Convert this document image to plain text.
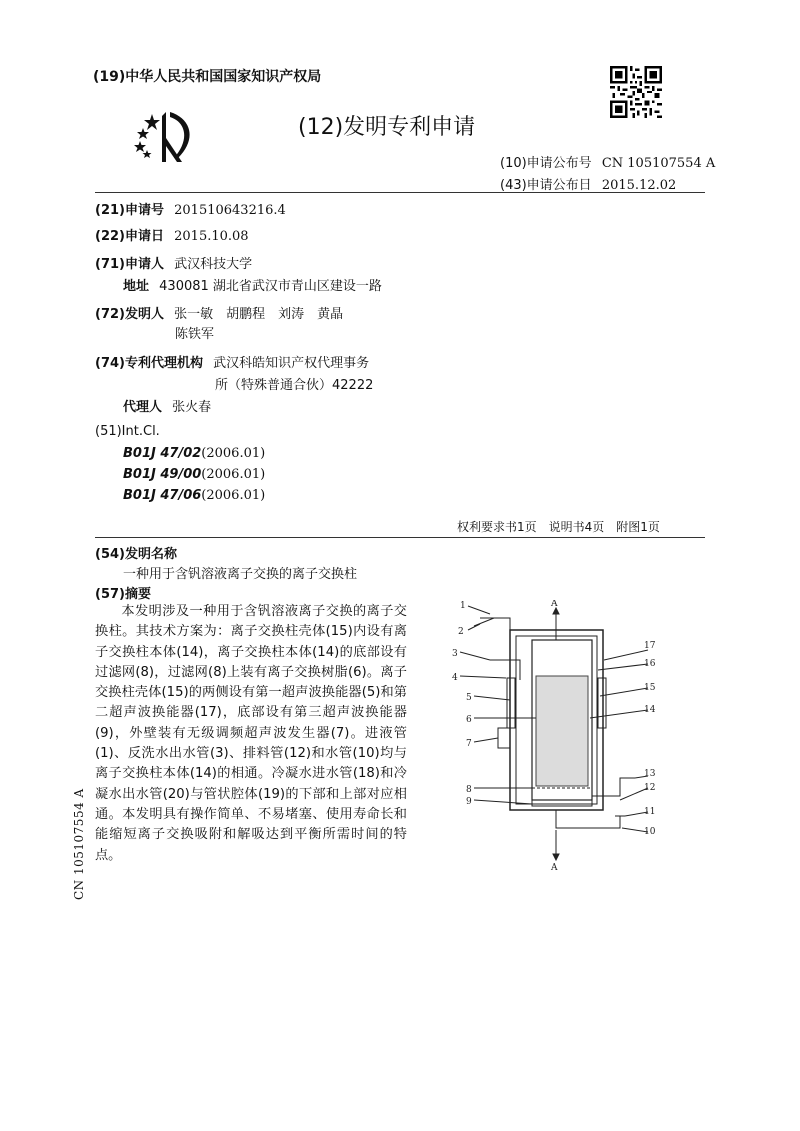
(19)中华人民共和国国家知识产权局
(12)发明专利申请
(10)申请公布号 CN 105107554 A
(43)申请公布日 2015.12.02
(21)申请号 201510643216.4
(22)申请日 2015.10.08
(71)申请人 武汉科技大学
地址 430081 湖北省武汉市青山区建设一路
(72)发明人 张一敏　胡鹏程　刘涛　黄晶
陈铁军
(74)专利代理机构 武汉科皓知识产权代理事务
所（特殊普通合伙）42222
代理人 张火春
(51)Int.Cl.
B01J 47/02(2006.01)
B01J 49/00(2006.01)
B01J 47/06(2006.01)
权利要求书1页　说明书4页　附图1页
(54)发明名称
一种用于含钒溶液离子交换的离子交换柱
(57)摘要

本发明涉及一种用于含钒溶液离子交换的离子交换柱。其技术方案为：离子交换柱壳体(15)内设有离子交换柱本体(14)，离子交换柱本体(14)的底部设有过滤网(8)，过滤网(8)上装有离子交换树脂(6)。离子交换柱壳体(15)的两侧设有第一超声波换能器(5)和第二超声波换能器(17)，底部设有第三超声波换能器(9)，外壁装有无级调频超声波发生器(7)。进液管(1)、反洗水出水管(3)、排料管(12)和水管(10)均与离子交换柱本体(14)的相通。冷凝水进水管(18)和冷凝水出水管(20)与管状腔体(19)的下部和上部对应相通。本发明具有操作简单、不易堵塞、使用寿命长和能缩短离子交换吸附和解吸达到平衡所需时间的特点。

1
2
3
4
5
6
7
8
9
17
16
15
14
13
12
11
10
A
A
CN 105107554 A
